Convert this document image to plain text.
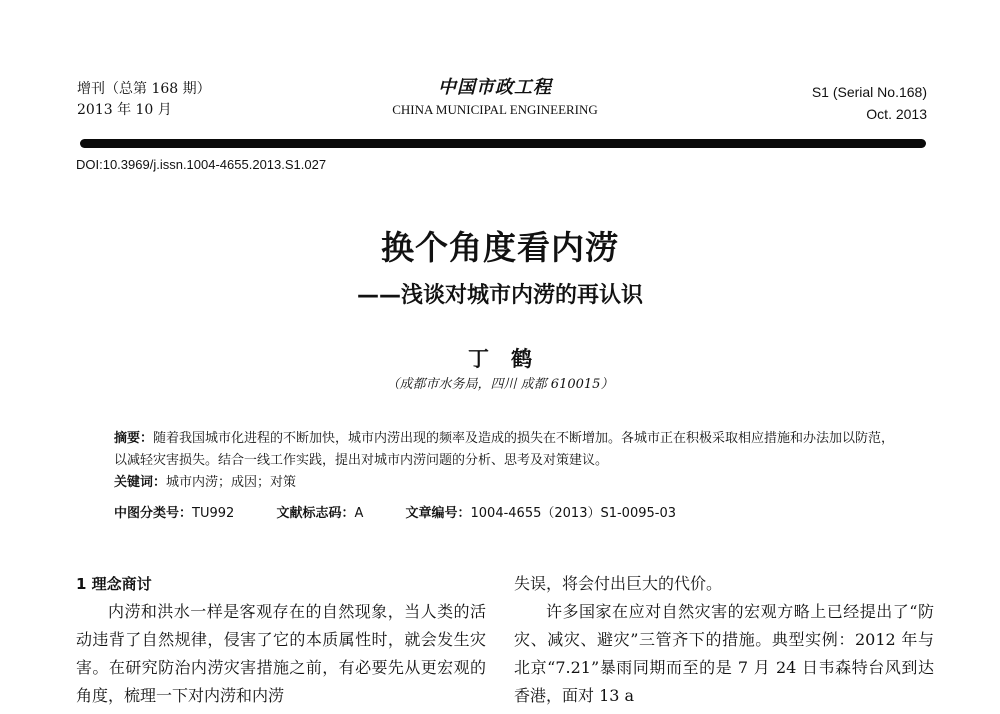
增刊（总第 168 期）
2013 年 10 月
中国市政工程
CHINA MUNICIPAL ENGINEERING
S1 (Serial No.168)
Oct. 2013
DOI:10.3969/j.issn.1004-4655.2013.S1.027
换个角度看内涝
——浅谈对城市内涝的再认识
丁鹤
（成都市水务局，四川 成都 610015）

摘要：随着我国城市化进程的不断加快，城市内涝出现的频率及造成的损失在不断增加。各城市正在积极采取相应措施和办法加以防范，以减轻灾害损失。结合一线工作实践，提出对城市内涝问题的分析、思考及对策建议。

关键词：城市内涝；成因；对策

中图分类号：TU992	文献标志码：A	文章编号：1004-4655（2013）S1-0095-03

1 理念商讨

内涝和洪水一样是客观存在的自然现象，当人类的活动违背了自然规律，侵害了它的本质属性时，就会发生灾害。在研究防治内涝灾害措施之前，有必要先从更宏观的角度，梳理一下对内涝和内涝

失误，将会付出巨大的代价。

许多国家在应对自然灾害的宏观方略上已经提出了“防灾、减灾、避灾”三管齐下的措施。典型实例：2012 年与北京“7.21”暴雨同期而至的是 7 月 24 日韦森特台风到达香港，面对 13 a
